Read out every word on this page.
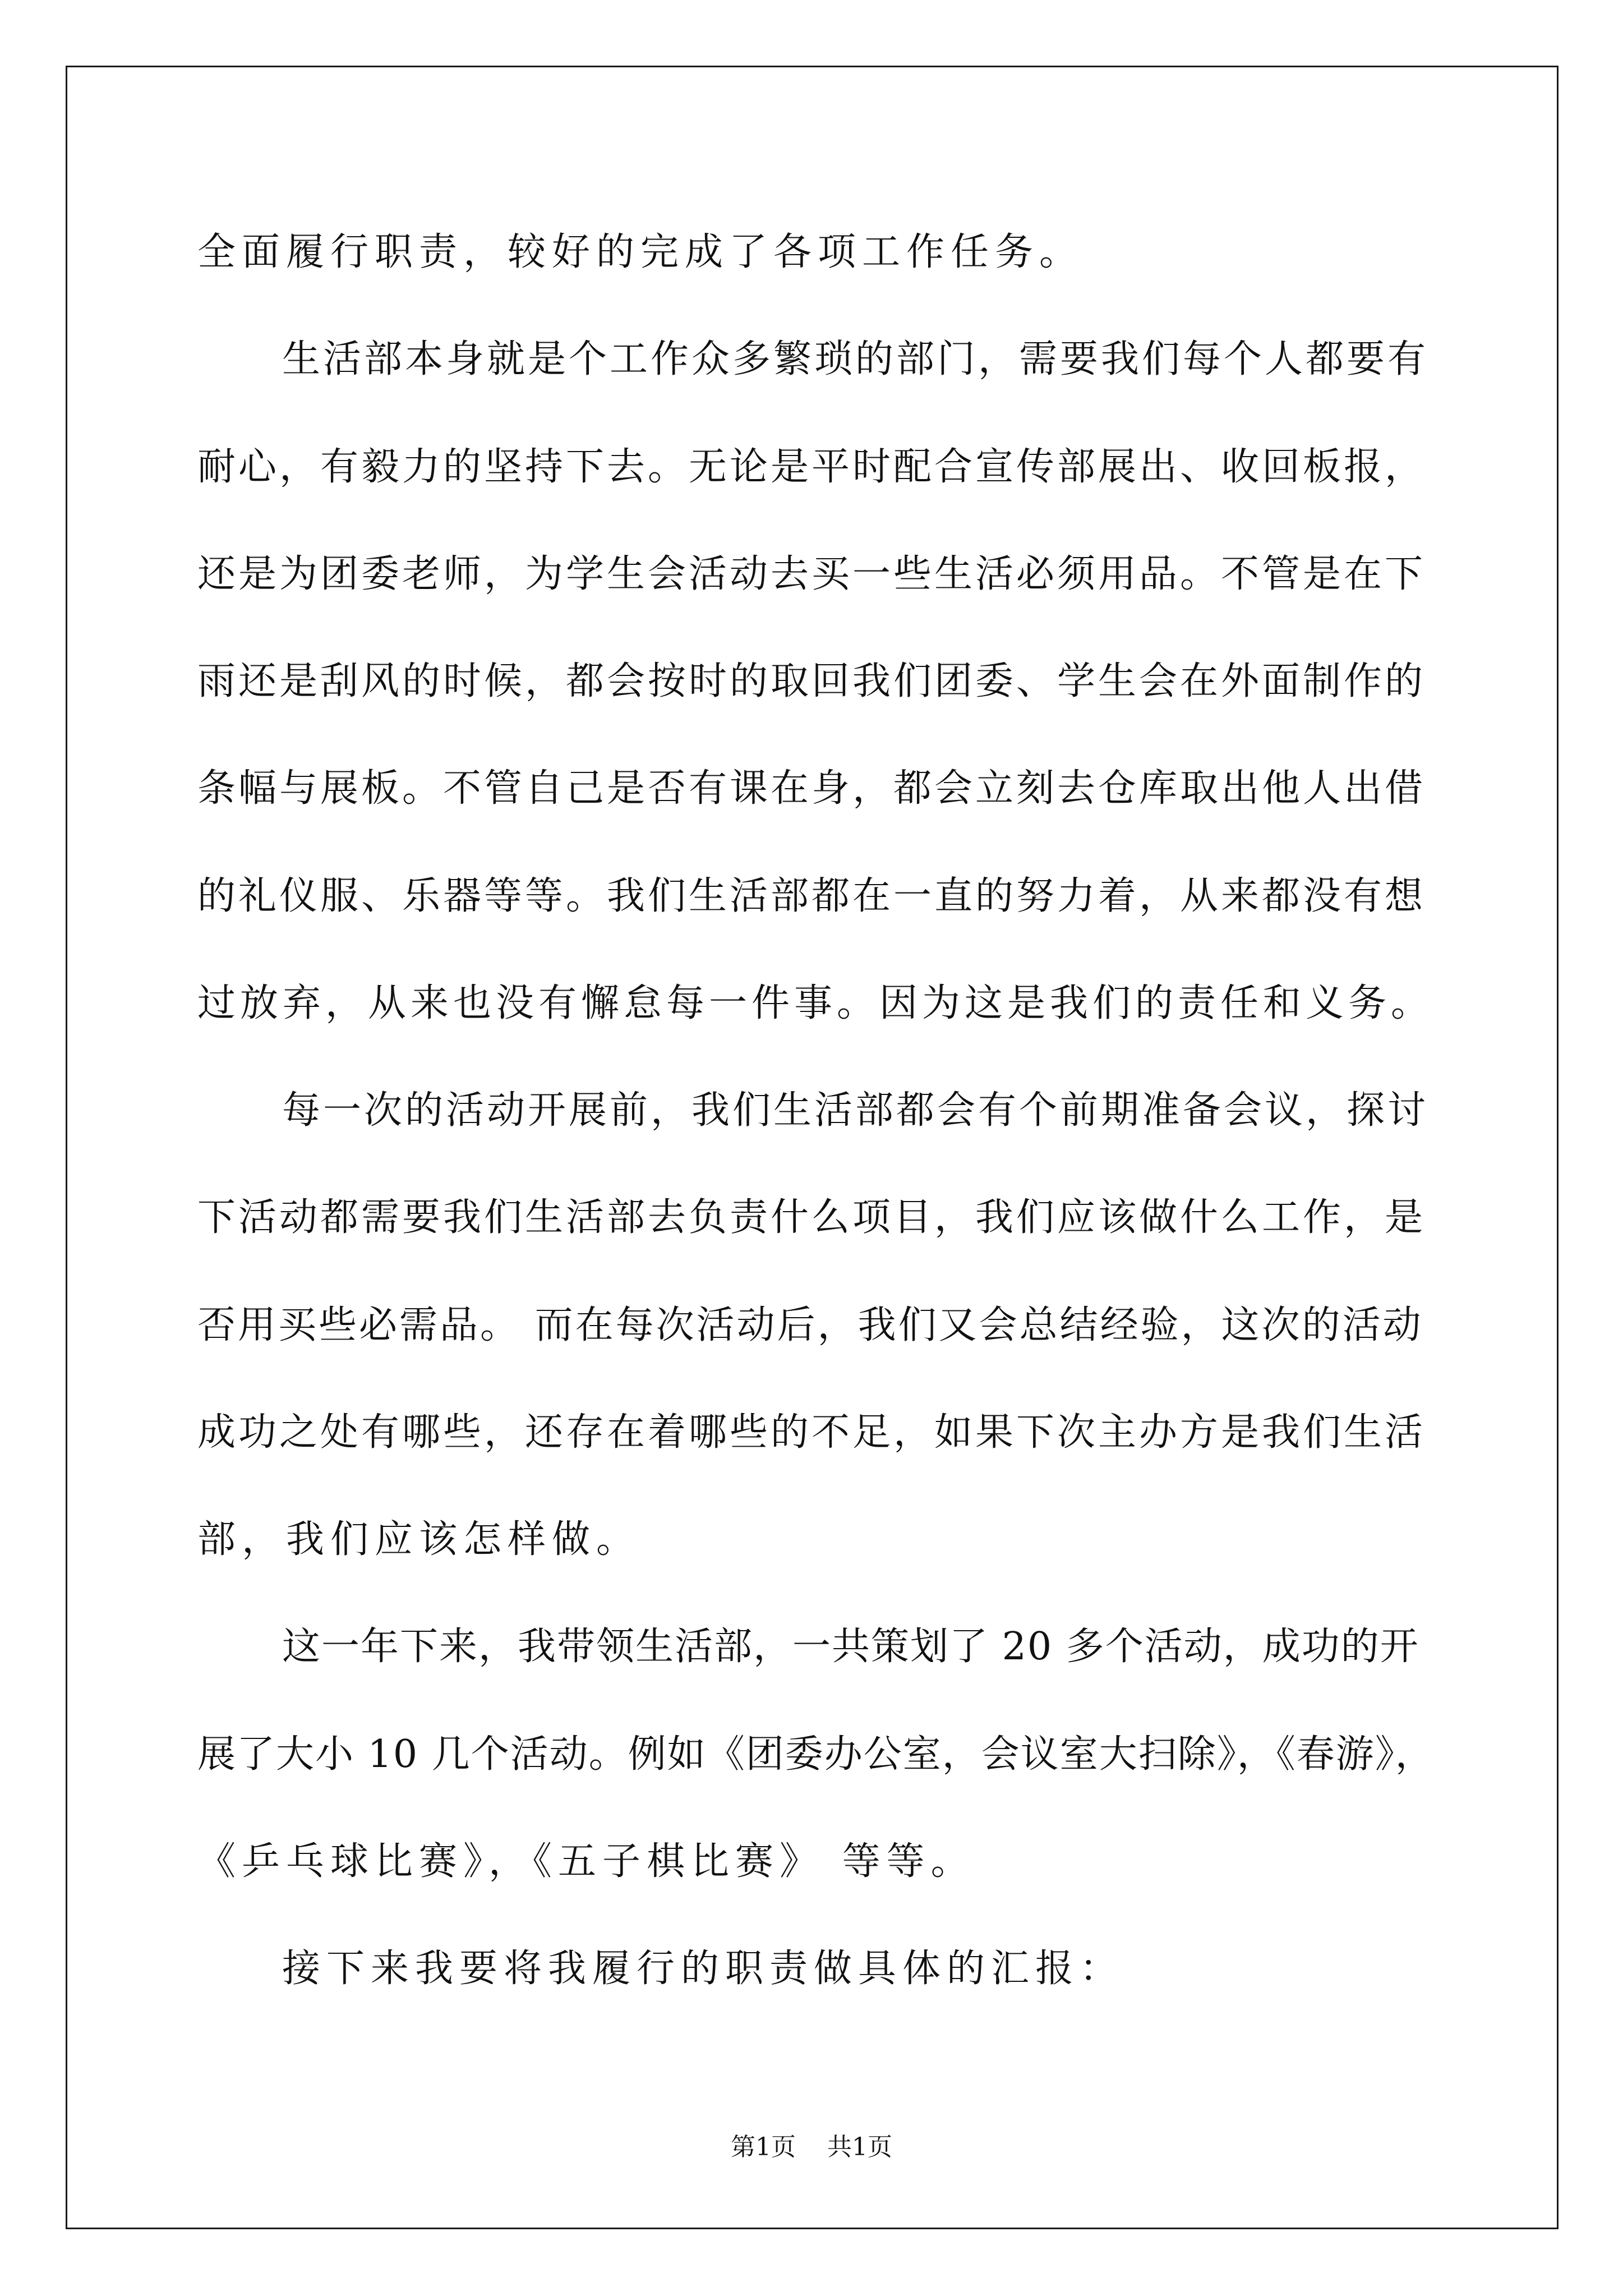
全面履行职责，较好的完成了各项工作任务。

生活部本身就是个工作众多繁琐的部门，需要我们每个人都要有

耐心，有毅力的坚持下去。无论是平时配合宣传部展出、收回板报，

还是为团委老师，为学生会活动去买一些生活必须用品。不管是在下

雨还是刮风的时候，都会按时的取回我们团委、学生会在外面制作的

条幅与展板。不管自己是否有课在身，都会立刻去仓库取出他人出借

的礼仪服、乐器等等。我们生活部都在一直的努力着，从来都没有想

过放弃，从来也没有懈怠每一件事。因为这是我们的责任和义务。

每一次的活动开展前，我们生活部都会有个前期准备会议，探讨

下活动都需要我们生活部去负责什么项目，我们应该做什么工作，是

否用买些必需品。 而在每次活动后，我们又会总结经验，这次的活动

成功之处有哪些，还存在着哪些的不足，如果下次主办方是我们生活

部，我们应该怎样做。

这一年下来，我带领生活部，一共策划了 20 多个活动，成功的开

展了大小 10 几个活动。例如《团委办公室，会议室大扫除》，《春游》，

《乒乓球比赛》，《五子棋比赛》 等等。

接下来我要将我履行的职责做具体的汇报：

第1页 共1页
